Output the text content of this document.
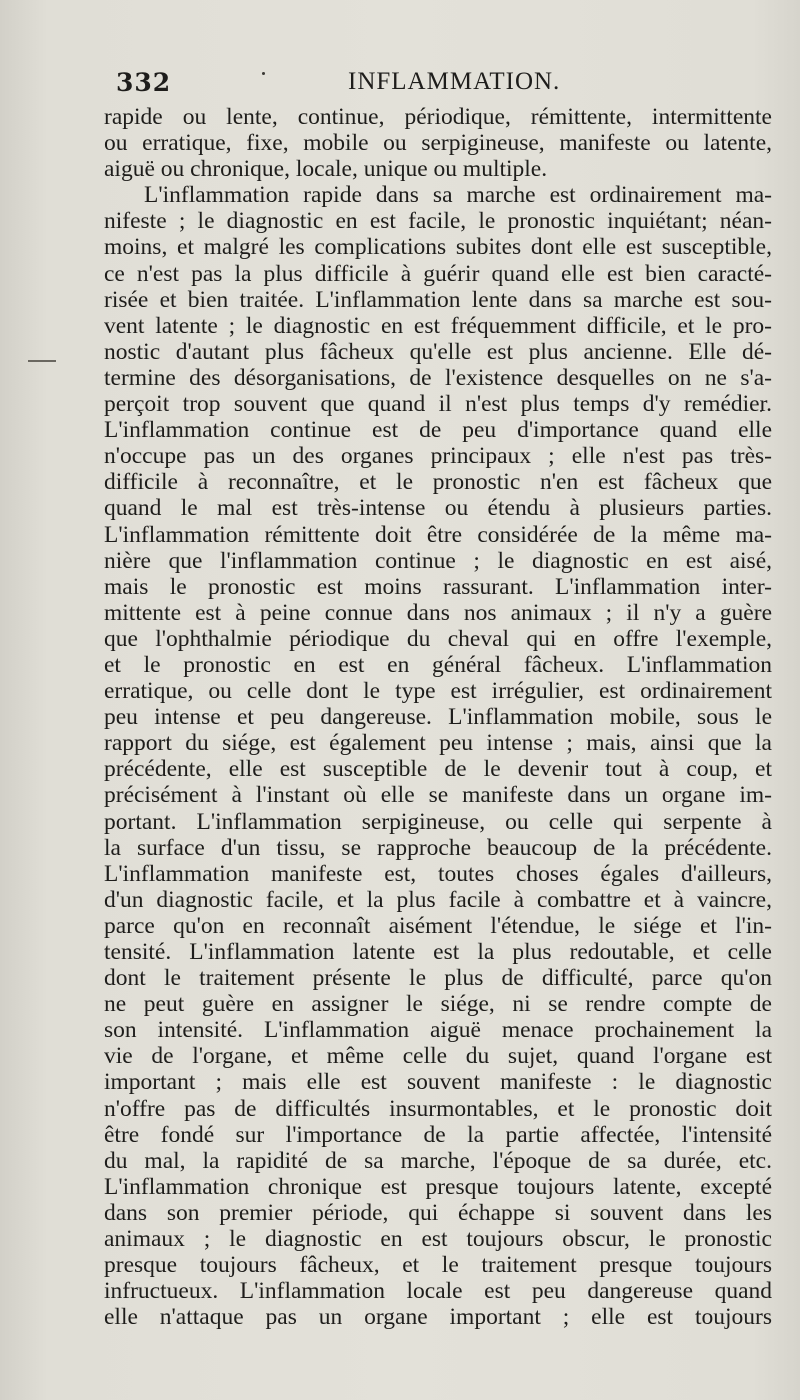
332	INFLAMMATION.
rapide ou lente, continue, périodique, rémittente, intermittente
ou erratique, fixe, mobile ou serpigineuse, manifeste ou latente,
aiguë ou chronique, locale, unique ou multiple.
L'inflammation rapide dans sa marche est ordinairement ma-
nifeste ; le diagnostic en est facile, le pronostic inquiétant; néan-
moins, et malgré les complications subites dont elle est susceptible,
ce n'est pas la plus difficile à guérir quand elle est bien caracté-
risée et bien traitée. L'inflammation lente dans sa marche est sou-
vent latente ; le diagnostic en est fréquemment difficile, et le pro-
nostic d'autant plus fâcheux qu'elle est plus ancienne. Elle dé-
termine des désorganisations, de l'existence desquelles on ne s'a-
perçoit trop souvent que quand il n'est plus temps d'y remédier.
L'inflammation continue est de peu d'importance quand elle
n'occupe pas un des organes principaux ; elle n'est pas très-
difficile à reconnaître, et le pronostic n'en est fâcheux que
quand le mal est très-intense ou étendu à plusieurs parties.
L'inflammation rémittente doit être considérée de la même ma-
nière que l'inflammation continue ; le diagnostic en est aisé,
mais le pronostic est moins rassurant. L'inflammation inter-
mittente est à peine connue dans nos animaux ; il n'y a guère
que l'ophthalmie périodique du cheval qui en offre l'exemple,
et le pronostic en est en général fâcheux. L'inflammation
erratique, ou celle dont le type est irrégulier, est ordinairement
peu intense et peu dangereuse. L'inflammation mobile, sous le
rapport du siége, est également peu intense ; mais, ainsi que la
précédente, elle est susceptible de le devenir tout à coup, et
précisément à l'instant où elle se manifeste dans un organe im-
portant. L'inflammation serpigineuse, ou celle qui serpente à
la surface d'un tissu, se rapproche beaucoup de la précédente.
L'inflammation manifeste est, toutes choses égales d'ailleurs,
d'un diagnostic facile, et la plus facile à combattre et à vaincre,
parce qu'on en reconnaît aisément l'étendue, le siége et l'in-
tensité. L'inflammation latente est la plus redoutable, et celle
dont le traitement présente le plus de difficulté, parce qu'on
ne peut guère en assigner le siége, ni se rendre compte de
son intensité. L'inflammation aiguë menace prochainement la
vie de l'organe, et même celle du sujet, quand l'organe est
important ; mais elle est souvent manifeste : le diagnostic
n'offre pas de difficultés insurmontables, et le pronostic doit
être fondé sur l'importance de la partie affectée, l'intensité
du mal, la rapidité de sa marche, l'époque de sa durée, etc.
L'inflammation chronique est presque toujours latente, excepté
dans son premier période, qui échappe si souvent dans les
animaux ; le diagnostic en est toujours obscur, le pronostic
presque toujours fâcheux, et le traitement presque toujours
infructueux. L'inflammation locale est peu dangereuse quand
elle n'attaque pas un organe important ; elle est toujours
